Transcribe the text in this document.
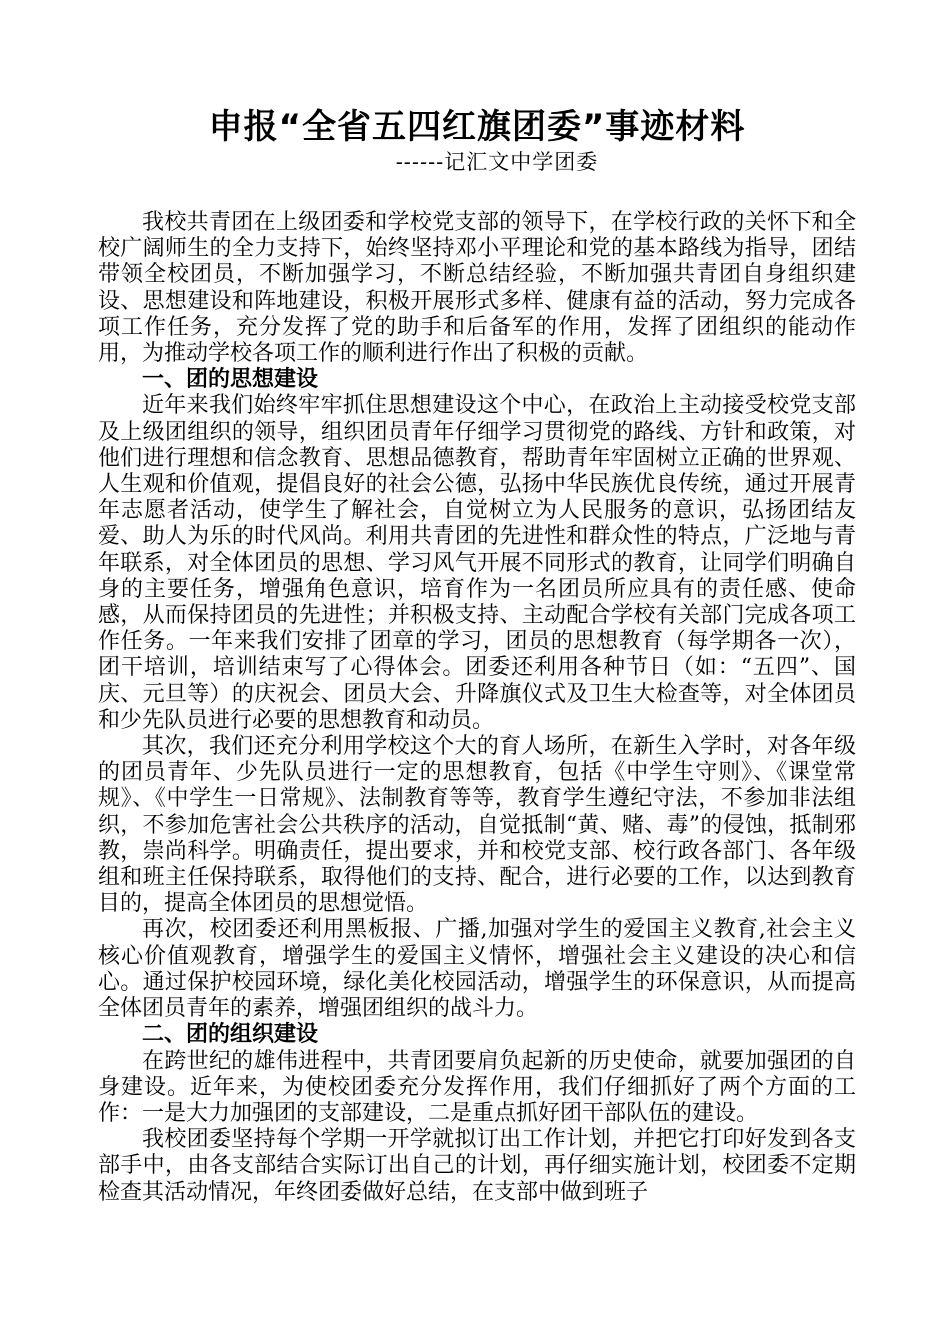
申报“全省五四红旗团委”事迹材料
------记汇文中学团委

我校共青团在上级团委和学校党支部的领导下，在学校行政的关怀下和全校广阔师生的全力支持下，始终坚持邓小平理论和党的基本路线为指导，团结带领全校团员，不断加强学习，不断总结经验，不断加强共青团自身组织建设、思想建设和阵地建设，积极开展形式多样、健康有益的活动，努力完成各项工作任务，充分发挥了党的助手和后备军的作用，发挥了团组织的能动作用，为推动学校各项工作的顺利进行作出了积极的贡献。

一、团的思想建设

近年来我们始终牢牢抓住思想建设这个中心，在政治上主动接受校党支部及上级团组织的领导，组织团员青年仔细学习贯彻党的路线、方针和政策，对他们进行理想和信念教育、思想品德教育，帮助青年牢固树立正确的世界观、人生观和价值观，提倡良好的社会公德，弘扬中华民族优良传统，通过开展青年志愿者活动，使学生了解社会，自觉树立为人民服务的意识，弘扬团结友爱、助人为乐的时代风尚。利用共青团的先进性和群众性的特点，广泛地与青年联系，对全体团员的思想、学习风气开展不同形式的教育，让同学们明确自身的主要任务，增强角色意识，培育作为一名团员所应具有的责任感、使命感，从而保持团员的先进性；并积极支持、主动配合学校有关部门完成各项工作任务。一年来我们安排了团章的学习，团员的思想教育（每学期各一次），团干培训，培训结束写了心得体会。团委还利用各种节日（如：“五四”、国庆、元旦等）的庆祝会、团员大会、升降旗仪式及卫生大检查等，对全体团员和少先队员进行必要的思想教育和动员。

其次，我们还充分利用学校这个大的育人场所，在新生入学时，对各年级的团员青年、少先队员进行一定的思想教育，包括《中学生守则》、《课堂常规》、《中学生一日常规》、法制教育等等，教育学生遵纪守法，不参加非法组织，不参加危害社会公共秩序的活动，自觉抵制“黄、赌、毒”的侵蚀，抵制邪教，崇尚科学。明确责任，提出要求，并和校党支部、校行政各部门、各年级组和班主任保持联系，取得他们的支持、配合，进行必要的工作，以达到教育目的，提高全体团员的思想觉悟。

再次，校团委还利用黑板报、广播,加强对学生的爱国主义教育,社会主义核心价值观教育，增强学生的爱国主义情怀，增强社会主义建设的决心和信心。通过保护校园环境，绿化美化校园活动，增强学生的环保意识，从而提高全体团员青年的素养，增强团组织的战斗力。

二、团的组织建设

在跨世纪的雄伟进程中，共青团要肩负起新的历史使命，就要加强团的自身建设。近年来，为使校团委充分发挥作用，我们仔细抓好了两个方面的工作：一是大力加强团的支部建设，二是重点抓好团干部队伍的建设。

我校团委坚持每个学期一开学就拟订出工作计划，并把它打印好发到各支部手中，由各支部结合实际订出自己的计划，再仔细实施计划，校团委不定期检查其活动情况，年终团委做好总结，在支部中做到班子
